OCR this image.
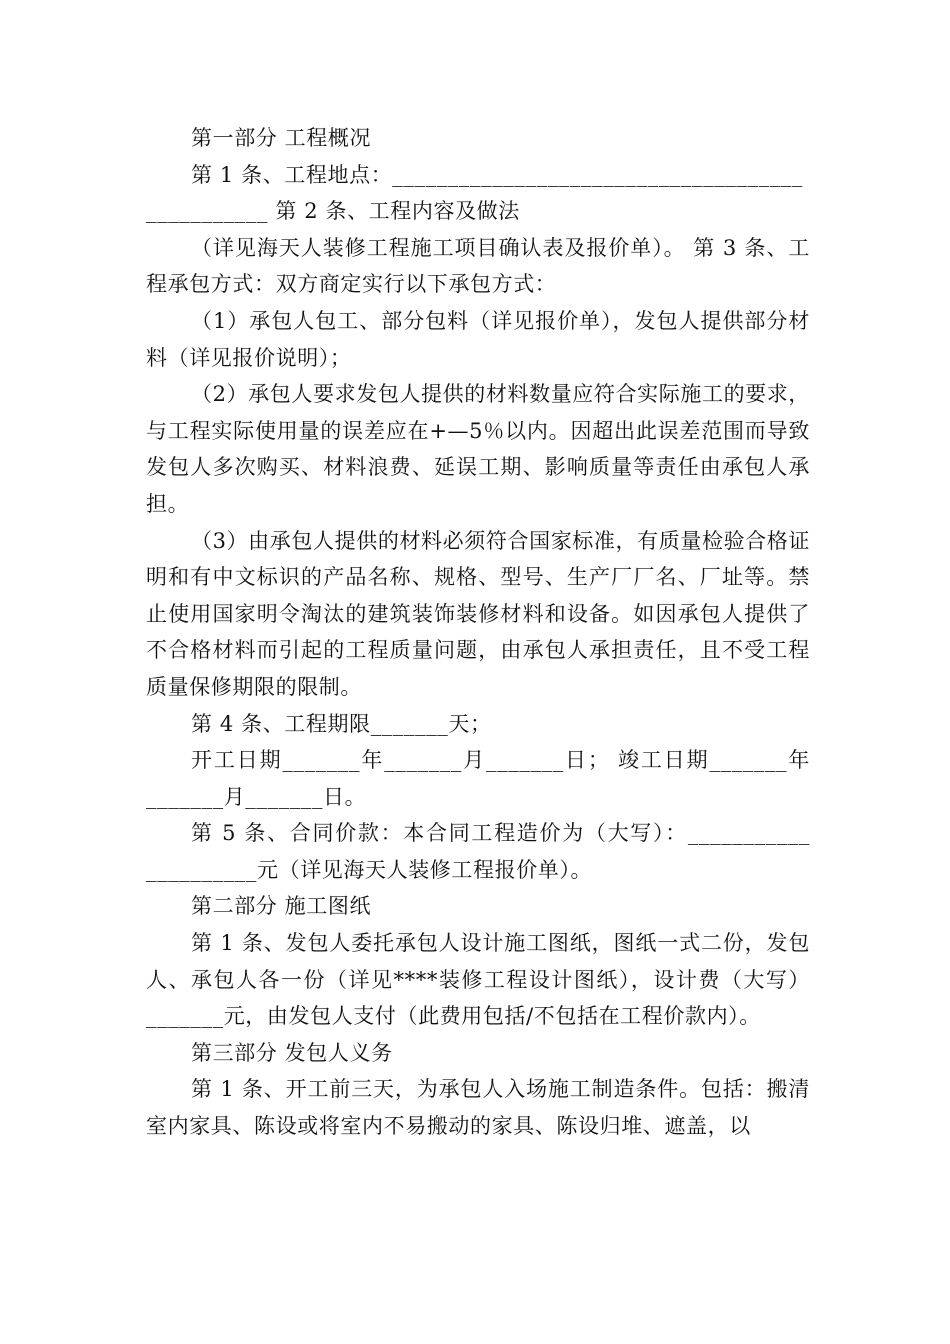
第一部分 工程概况

第 1 条、工程地点：_____________________________________

___________ 第 2 条、工程内容及做法

（详见海天人装修工程施工项目确认表及报价单）。 第 3 条、工程承包方式：双方商定实行以下承包方式：

（1）承包人包工、部分包料（详见报价单），发包人提供部分材料（详见报价说明）；

（2）承包人要求发包人提供的材料数量应符合实际施工的要求，与工程实际使用量的误差应在+—5％以内。因超出此误差范围而导致发包人多次购买、材料浪费、延误工期、影响质量等责任由承包人承担。

（3）由承包人提供的材料必须符合国家标准，有质量检验合格证明和有中文标识的产品名称、规格、型号、生产厂厂名、厂址等。禁止使用国家明令淘汰的建筑装饰装修材料和设备。如因承包人提供了不合格材料而引起的工程质量问题，由承包人承担责任，且不受工程质量保修期限的限制。

第 4 条、工程期限_______天；

开工日期_______年_______月_______日； 竣工日期_______年_______月_______日。

第 5 条、合同价款：本合同工程造价为（大写）：___________ __________元（详见海天人装修工程报价单）。

第二部分 施工图纸

第 1 条、发包人委托承包人设计施工图纸，图纸一式二份，发包人、承包人各一份（详见****装修工程设计图纸），设计费（大写）_______元，由发包人支付（此费用包括/不包括在工程价款内）。

第三部分 发包人义务

第 1 条、开工前三天，为承包人入场施工制造条件。包括：搬清室内家具、陈设或将室内不易搬动的家具、陈设归堆、遮盖，以
